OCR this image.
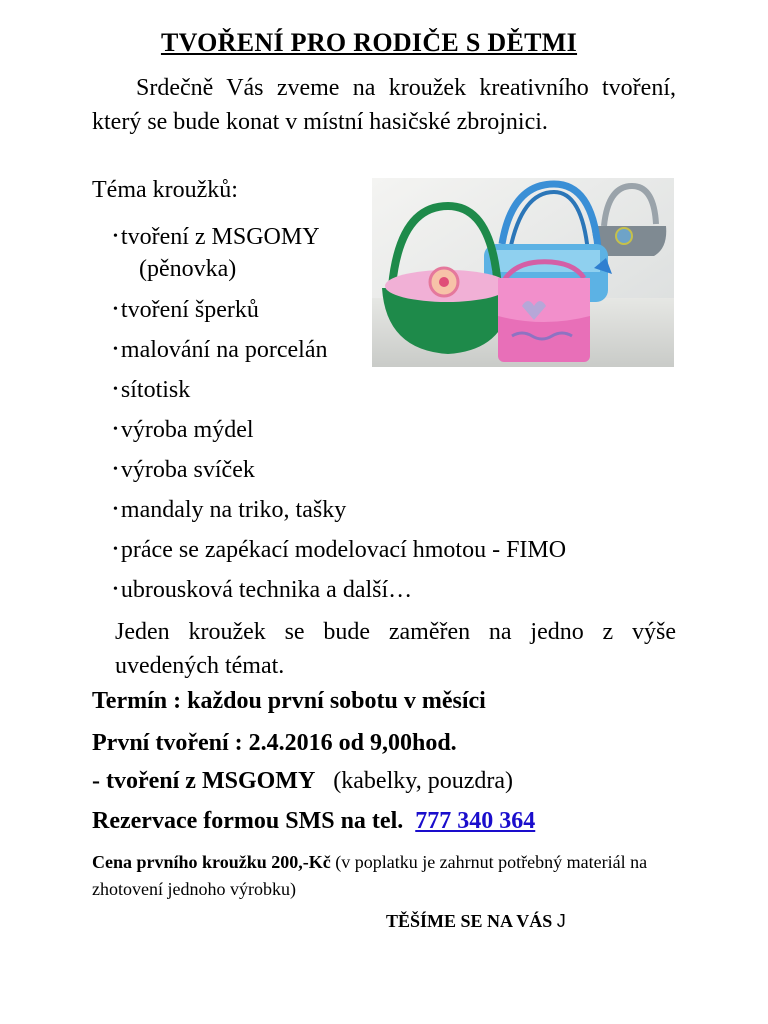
TVOŘENÍ PRO RODIČE S DĚTMI
Srdečně Vás zveme na kroužek kreativního tvoření, který se bude konat v místní hasičské zbrojnici.
Téma kroužků:
• tvoření z MSGOMY
(pěnovka)
• tvoření šperků
• malování na porcelán
• sítotisk
• výroba mýdel
• výroba svíček
• mandaly na triko, tašky
• práce se zapékací modelovací hmotou - FIMO
• ubrousková technika a další…
Jeden kroužek se bude zaměřen na jedno z výše uvedených témat.
Termín : každou první sobotu v měsíci
První tvoření : 2.4.2016 od 9,00hod.
- tvoření z MSGOMY (kabelky, pouzdra)
Rezervace formou SMS na tel. 777 340 364
Cena prvního kroužku 200,-Kč (v poplatku je zahrnut potřebný materiál na zhotovení jednoho výrobku)
TĚŠÍME SE NA VÁS J
